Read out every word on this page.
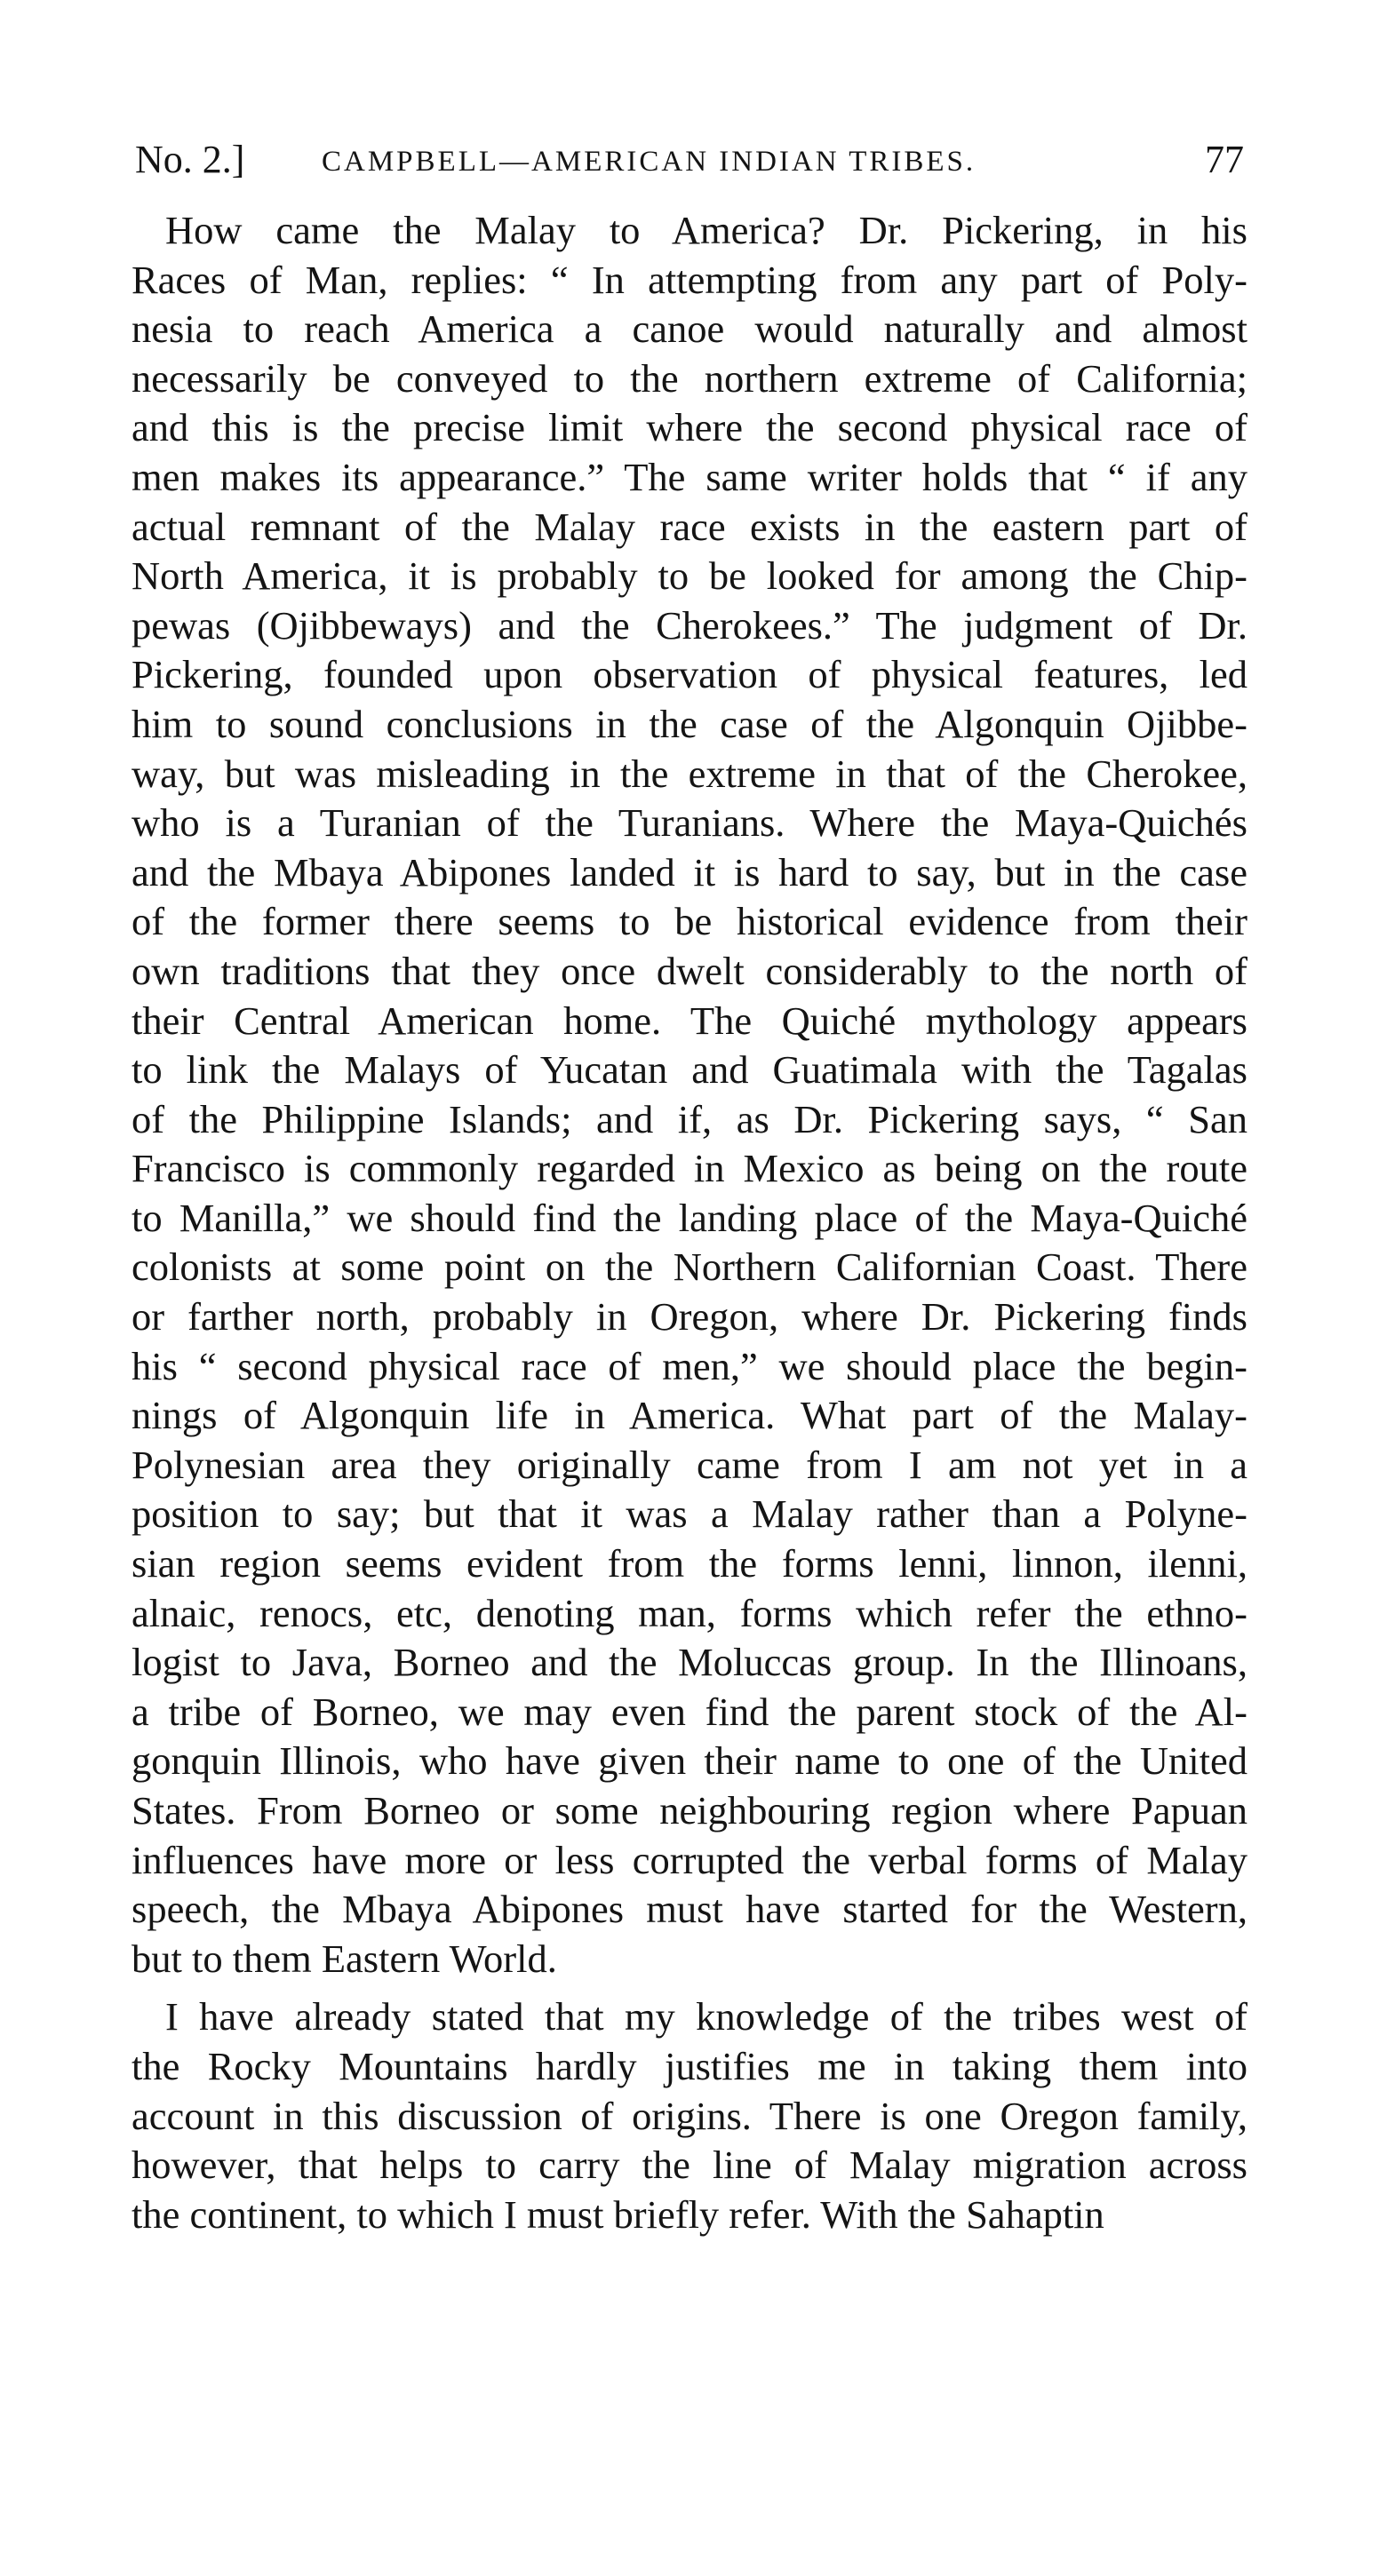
No. 2.]	CAMPBELL—AMERICAN INDIAN TRIBES.	77
How came the Malay to America? Dr. Pickering, in his
Races of Man, replies: “ In attempting from any part of Poly-
nesia to reach America a canoe would naturally and almost
necessarily be conveyed to the northern extreme of California;
and this is the precise limit where the second physical race of
men makes its appearance.” The same writer holds that “ if any
actual remnant of the Malay race exists in the eastern part of
North America, it is probably to be looked for among the Chip-
pewas (Ojibbeways) and the Cherokees.” The judgment of Dr.
Pickering, founded upon observation of physical features, led
him to sound conclusions in the case of the Algonquin Ojibbe-
way, but was misleading in the extreme in that of the Cherokee,
who is a Turanian of the Turanians. Where the Maya-Quichés
and the Mbaya Abipones landed it is hard to say, but in the case
of the former there seems to be historical evidence from their
own traditions that they once dwelt considerably to the north of
their Central American home. The Quiché mythology appears
to link the Malays of Yucatan and Guatimala with the Tagalas
of the Philippine Islands; and if, as Dr. Pickering says, “ San
Francisco is commonly regarded in Mexico as being on the route
to Manilla,” we should find the landing place of the Maya-Quiché
colonists at some point on the Northern Californian Coast. There
or farther north, probably in Oregon, where Dr. Pickering finds
his “ second physical race of men,” we should place the begin-
nings of Algonquin life in America. What part of the Malay-
Polynesian area they originally came from I am not yet in a
position to say; but that it was a Malay rather than a Polyne-
sian region seems evident from the forms lenni, linnon, ilenni,
alnaic, renocs, etc, denoting man, forms which refer the ethno-
logist to Java, Borneo and the Moluccas group. In the Illinoans,
a tribe of Borneo, we may even find the parent stock of the Al-
gonquin Illinois, who have given their name to one of the United
States. From Borneo or some neighbouring region where Papuan
influences have more or less corrupted the verbal forms of Malay
speech, the Mbaya Abipones must have started for the Western,
but to them Eastern World.
I have already stated that my knowledge of the tribes west of
the Rocky Mountains hardly justifies me in taking them into
account in this discussion of origins. There is one Oregon family,
however, that helps to carry the line of Malay migration across
the continent, to which I must briefly refer. With the Sahaptin
